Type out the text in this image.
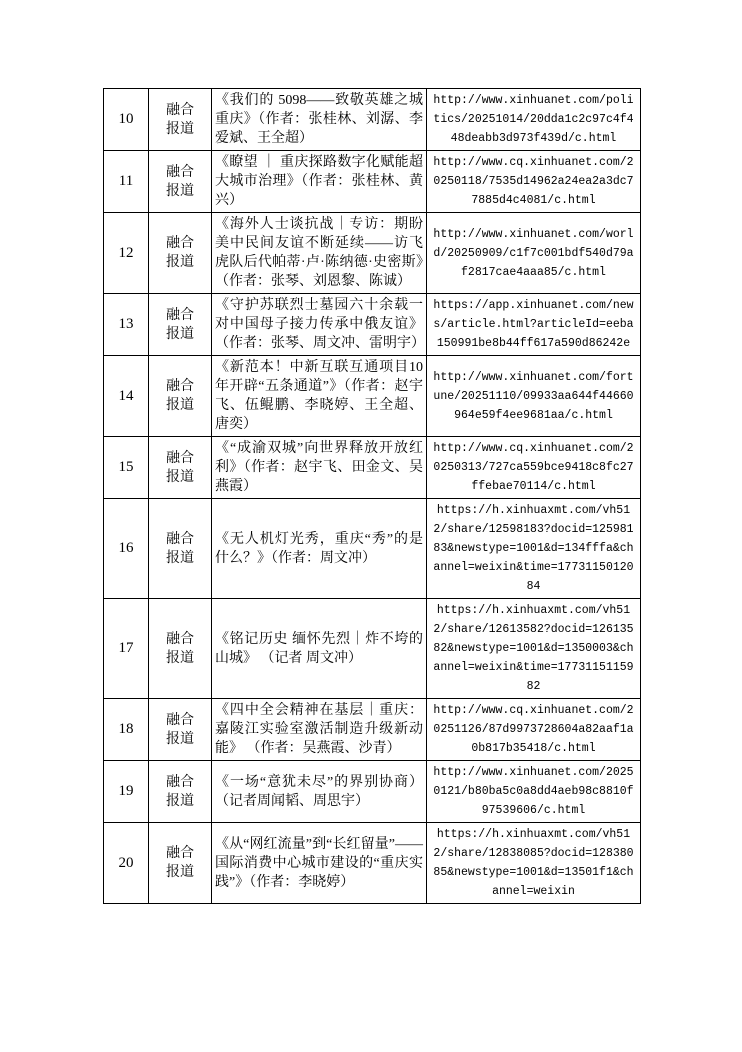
10	融合报道	《我们的 5098——致敬英雄之城重庆》（作者：张桂林、刘潺、李爱斌、王全超）	http://www.xinhuanet.com/politics/20251014/20dda1c2c97c4f448deabb3d973f439d/c.html
11	融合报道	《瞭望 ｜ 重庆探路数字化赋能超大城市治理》（作者：张桂林、黄兴）	http://www.cq.xinhuanet.com/20250118/7535d14962a24ea2a3dc77885d4c4081/c.html
12	融合报道	《海外人士谈抗战｜专访：期盼美中民间友谊不断延续——访飞虎队后代帕蒂·卢·陈纳德·史密斯》（作者：张琴、刘恩黎、陈诚）	http://www.xinhuanet.com/world/20250909/c1f7c001bdf540d79af2817cae4aaa85/c.html
13	融合报道	《守护苏联烈士墓园六十余载一对中国母子接力传承中俄友谊》（作者：张琴、周文冲、雷明宇）	https://app.xinhuanet.com/news/article.html?articleId=eeba150991be8b44ff617a590d86242e
14	融合报道	《新范本！中新互联互通项目10 年开辟“五条通道”》（作者：赵宇飞、伍鲲鹏、李晓婷、王全超、唐奕）	http://www.xinhuanet.com/fortune/20251110/09933aa644f44660964e59f4ee9681aa/c.html
15	融合报道	《“成渝双城”向世界释放开放红利》（作者：赵宇飞、田金文、吴燕霞）	http://www.cq.xinhuanet.com/20250313/727ca559bce9418c8fc27ffebae70114/c.html
16	融合报道	《无人机灯光秀，重庆“秀”的是什么？》（作者：周文冲）	https://h.xinhuaxmt.com/vh512/share/12598183?docid=12598183&newstype=1001&d=134fffa&channel=weixin&time=1773115012084
17	融合报道	《铭记历史 缅怀先烈｜炸不垮的山城》 （记者 周文冲）	https://h.xinhuaxmt.com/vh512/share/12613582?docid=12613582&newstype=1001&d=1350003&channel=weixin&time=1773115115982
18	融合报道	《四中全会精神在基层｜重庆：嘉陵江实验室激活制造升级新动能》 （作者：吴燕霞、沙青）	http://www.cq.xinhuanet.com/20251126/87d9973728604a82aaf1a0b817b35418/c.html
19	融合报道	《一场“意犹未尽”的界别协商）（记者周闻韬、周思宇）	http://www.xinhuanet.com/20250121/b80ba5c0a8dd4aeb98c8810f97539606/c.html
20	融合报道	《从“网红流量”到“长红留量”——国际消费中心城市建设的“重庆实践”》（作者：李晓婷）	https://h.xinhuaxmt.com/vh512/share/12838085?docid=12838085&newstype=1001&d=13501f1&channel=weixin
